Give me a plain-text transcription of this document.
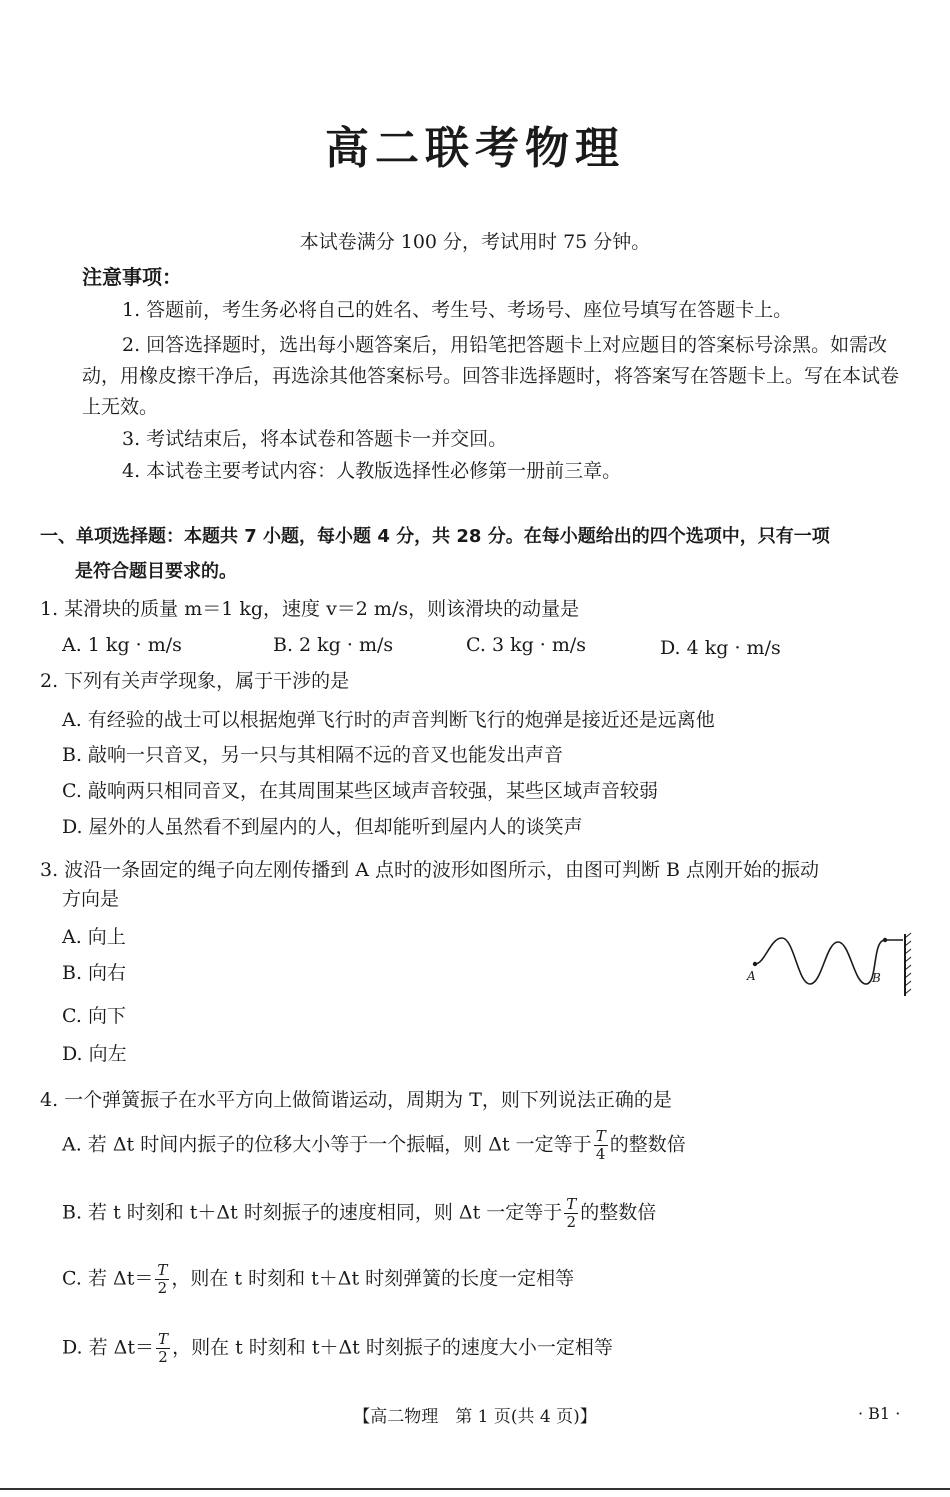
高二联考物理
本试卷满分 100 分，考试用时 75 分钟。
注意事项：
1. 答题前，考生务必将自己的姓名、考生号、考场号、座位号填写在答题卡上。
2. 回答选择题时，选出每小题答案后，用铅笔把答题卡上对应题目的答案标号涂黑。如需改动，用橡皮擦干净后，再选涂其他答案标号。回答非选择题时，将答案写在答题卡上。写在本试卷上无效。
3. 考试结束后，将本试卷和答题卡一并交回。
4. 本试卷主要考试内容：人教版选择性必修第一册前三章。
一、单项选择题：本题共 7 小题，每小题 4 分，共 28 分。在每小题给出的四个选项中，只有一项
是符合题目要求的。
1. 某滑块的质量 m＝1 kg，速度 v＝2 m/s，则该滑块的动量是
A. 1 kg · m/s	B. 2 kg · m/s	C. 3 kg · m/s	D. 4 kg · m/s
2. 下列有关声学现象，属于干涉的是
A. 有经验的战士可以根据炮弹飞行时的声音判断飞行的炮弹是接近还是远离他
B. 敲响一只音叉，另一只与其相隔不远的音叉也能发出声音
C. 敲响两只相同音叉，在其周围某些区域声音较强，某些区域声音较弱
D. 屋外的人虽然看不到屋内的人，但却能听到屋内人的谈笑声
3. 波沿一条固定的绳子向左刚传播到 A 点时的波形如图所示，由图可判断 B 点刚开始的振动
方向是
A. 向上
B. 向右
C. 向下
D. 向左
A	B
4. 一个弹簧振子在水平方向上做简谐运动，周期为 T，则下列说法正确的是
A. 若 Δt 时间内振子的位移大小等于一个振幅，则 Δt 一定等于 $\frac{T}{4}$ 的整数倍
B. 若 t 时刻和 t＋Δt 时刻振子的速度相同，则 Δt 一定等于 $\frac{T}{2}$ 的整数倍
C. 若 $\Delta t= \frac{T}{2}$ ，则在 t 时刻和 t＋Δt 时刻弹簧的长度一定相等
D. 若 $\Delta t= \frac{T}{2}$ ，则在 t 时刻和 t＋Δt 时刻振子的速度大小一定相等
【高二物理　第 1 页(共 4 页)】	· B1 ·
